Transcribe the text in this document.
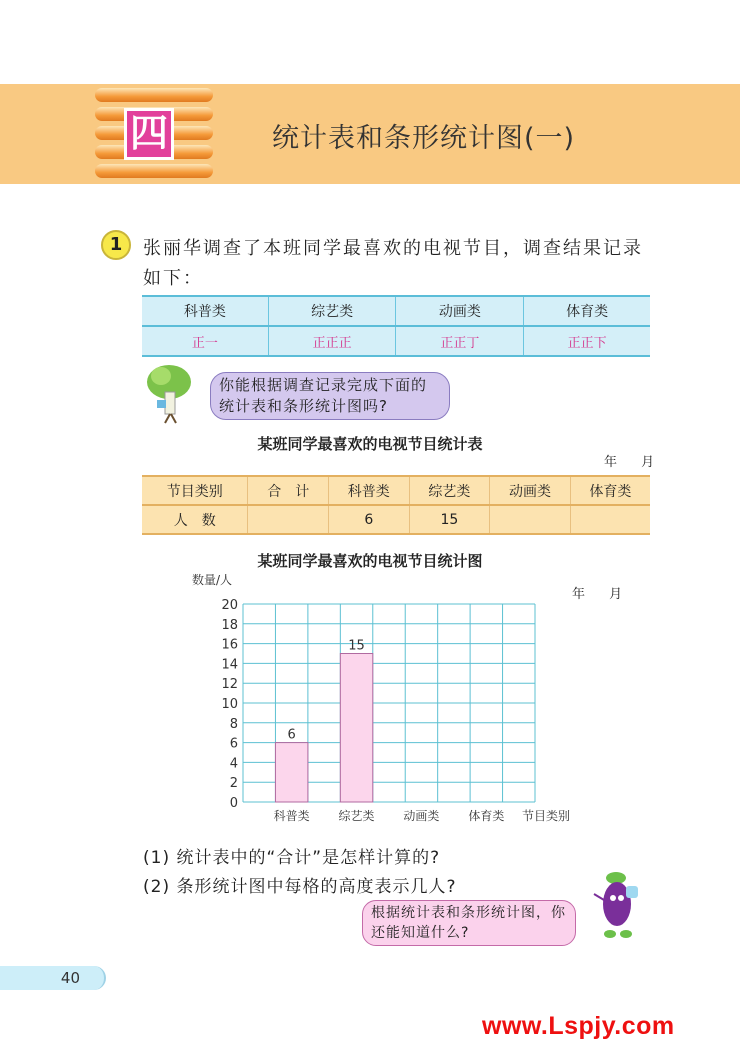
四	统计表和条形统计图(一)
1	张丽华调查了本班同学最喜欢的电视节目，调查结果记录如下：
科普类	综艺类	动画类	体育类
正一	正正正	正正丁	正正下
你能根据调查记录完成下面的统计表和条形统计图吗?
某班同学最喜欢的电视节目统计表
年 月
节目类别	合　计	科普类	综艺类	动画类	体育类
人　数		6	15		
某班同学最喜欢的电视节目统计图
年 月
数量/人
6
15
0
2
4
6
8
10
12
14
16
18
20
科普类 综艺类 动画类 体育类 节目类别
(1) 统计表中的“合计”是怎样计算的?
(2) 条形统计图中每格的高度表示几人?
根据统计表和条形统计图，你还能知道什么?
40
www.Lspjy.com
